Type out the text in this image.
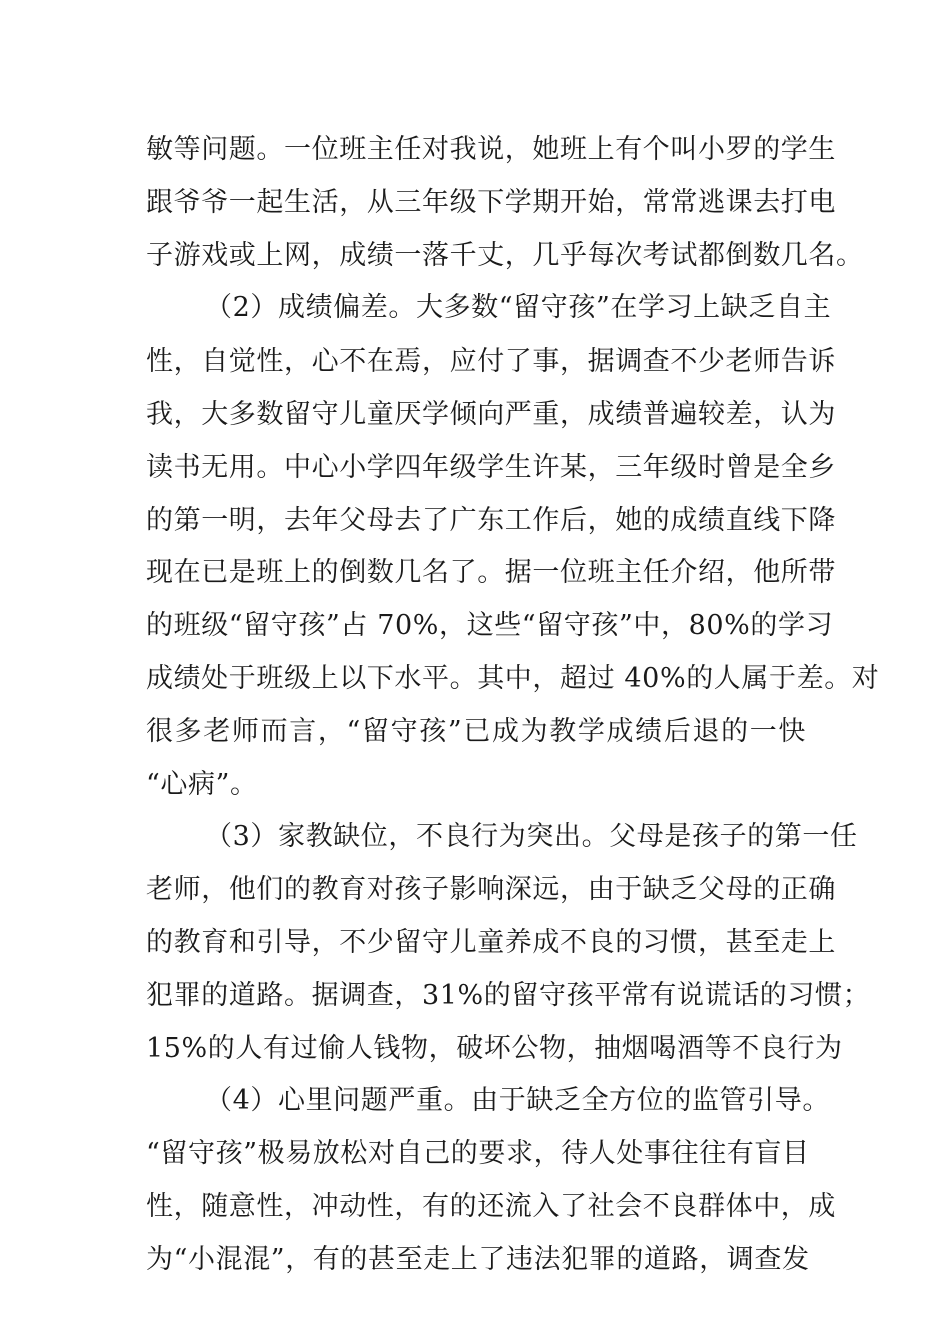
敏等问题。一位班主任对我说，她班上有个叫小罗的学生
跟爷爷一起生活，从三年级下学期开始，常常逃课去打电
子游戏或上网，成绩一落千丈，几乎每次考试都倒数几名。
（2）成绩偏差。大多数“留守孩”在学习上缺乏自主
性，自觉性，心不在焉，应付了事，据调查不少老师告诉
我，大多数留守儿童厌学倾向严重，成绩普遍较差，认为
读书无用。中心小学四年级学生许某，三年级时曾是全乡
的第一明，去年父母去了广东工作后，她的成绩直线下降
现在已是班上的倒数几名了。据一位班主任介绍，他所带
的班级“留守孩”占 70%，这些“留守孩”中，80%的学习
成绩处于班级上以下水平。其中，超过 40%的人属于差。对
很多老师而言，“留守孩”已成为教学成绩后退的一快
“心病”。
（3）家教缺位，不良行为突出。父母是孩子的第一任
老师，他们的教育对孩子影响深远，由于缺乏父母的正确
的教育和引导，不少留守儿童养成不良的习惯，甚至走上
犯罪的道路。据调查，31%的留守孩平常有说谎话的习惯；
15%的人有过偷人钱物，破坏公物，抽烟喝酒等不良行为
（4）心里问题严重。由于缺乏全方位的监管引导。
“留守孩”极易放松对自己的要求，待人处事往往有盲目
性，随意性，冲动性，有的还流入了社会不良群体中，成
为“小混混”，有的甚至走上了违法犯罪的道路，调查发
